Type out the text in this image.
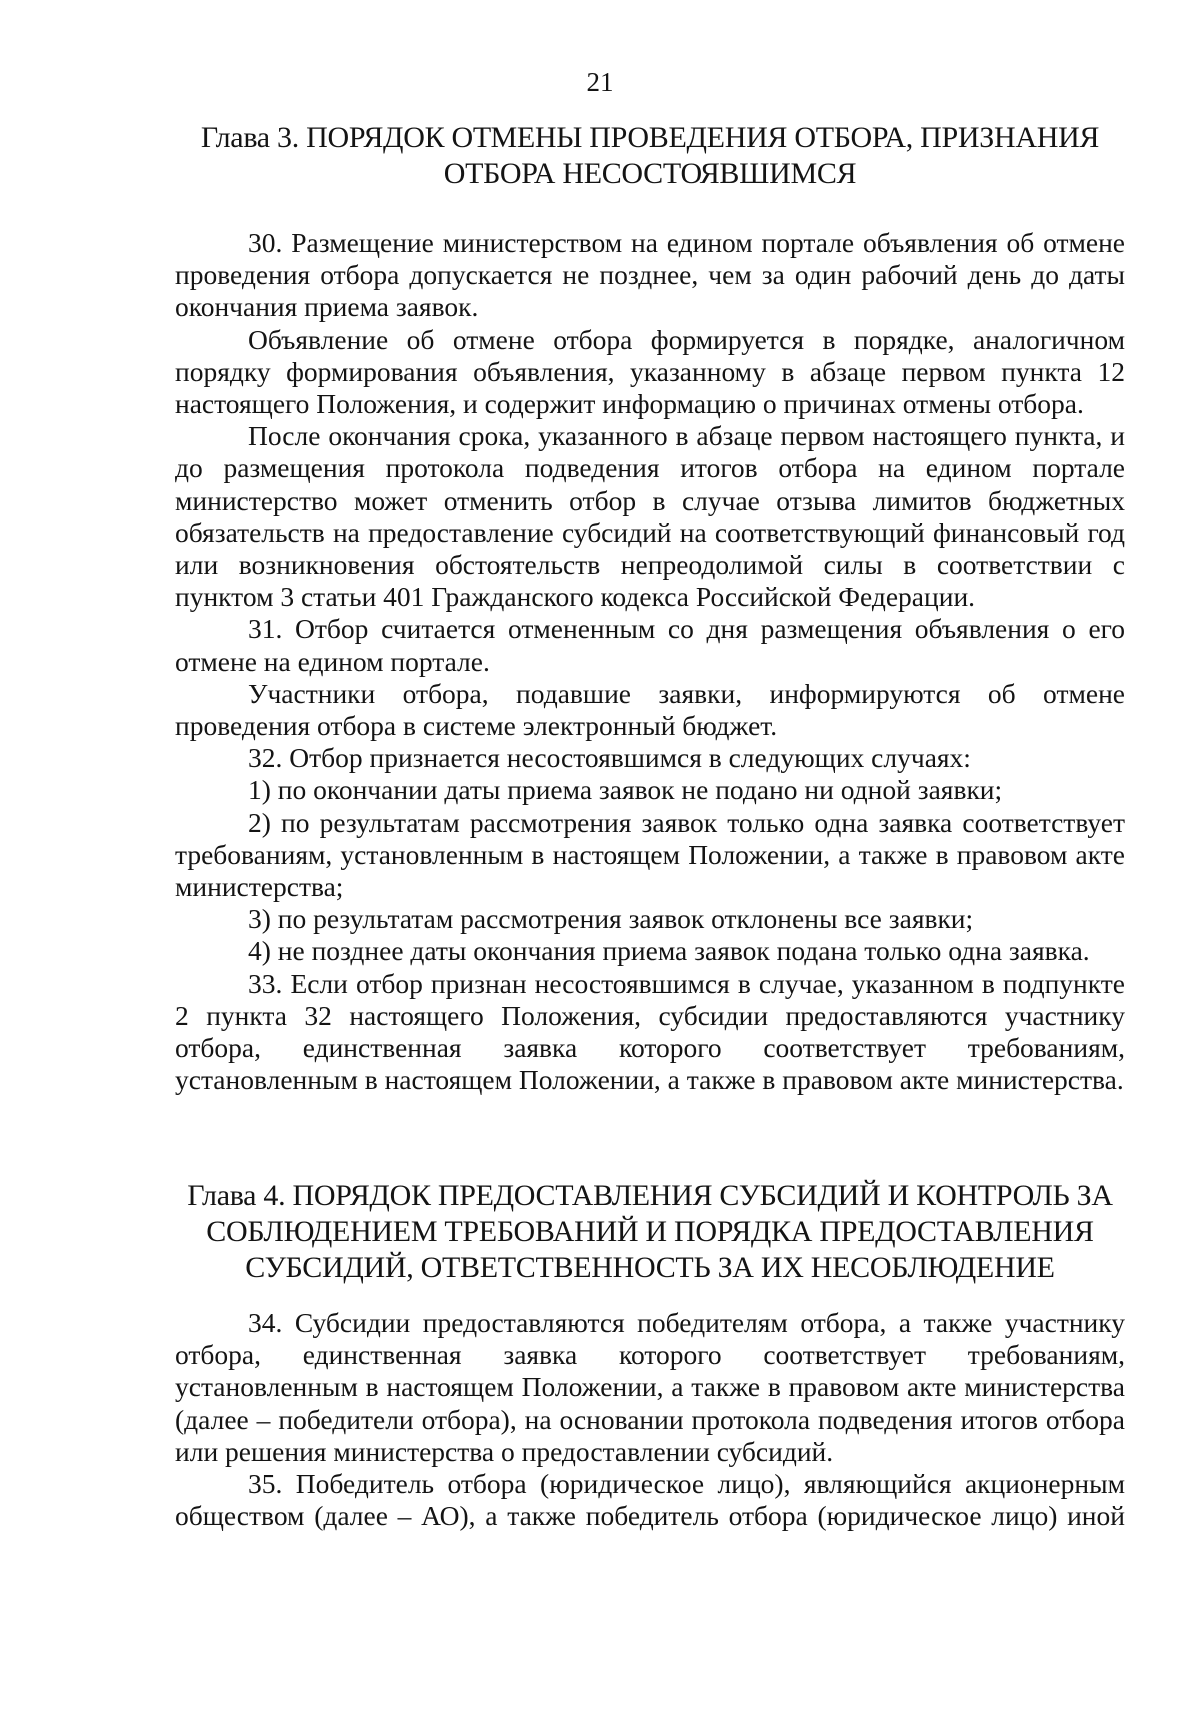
21
Глава 3. ПОРЯДОК ОТМЕНЫ ПРОВЕДЕНИЯ ОТБОРА, ПРИЗНАНИЯ
ОТБОРА НЕСОСТОЯВШИМСЯ

30. Размещение министерством на едином портале объявления об отмене проведения отбора допускается не позднее, чем за один рабочий день до даты окончания приема заявок.

Объявление об отмене отбора формируется в порядке, аналогичном порядку формирования объявления, указанному в абзаце первом пункта 12 настоящего Положения, и содержит информацию о причинах отмены отбора.

После окончания срока, указанного в абзаце первом настоящего пункта, и до размещения протокола подведения итогов отбора на едином портале министерство может отменить отбор в случае отзыва лимитов бюджетных обязательств на предоставление субсидий на соответствующий финансовый год или возникновения обстоятельств непреодолимой силы в соответствии с пунктом 3 статьи 401 Гражданского кодекса Российской Федерации.

31. Отбор считается отмененным со дня размещения объявления о его отмене на едином портале.

Участники отбора, подавшие заявки, информируются об отмене проведения отбора в системе электронный бюджет.

32. Отбор признается несостоявшимся в следующих случаях:

1) по окончании даты приема заявок не подано ни одной заявки;

2) по результатам рассмотрения заявок только одна заявка соответствует требованиям, установленным в настоящем Положении, а также в правовом акте министерства;

3) по результатам рассмотрения заявок отклонены все заявки;

4) не позднее даты окончания приема заявок подана только одна заявка.

33. Если отбор признан несостоявшимся в случае, указанном в подпункте 2 пункта 32 настоящего Положения, субсидии предоставляются участнику отбора, единственная заявка которого соответствует требованиям, установленным в настоящем Положении, а также в правовом акте министерства.

Глава 4. ПОРЯДОК ПРЕДОСТАВЛЕНИЯ СУБСИДИЙ И КОНТРОЛЬ ЗА
СОБЛЮДЕНИЕМ ТРЕБОВАНИЙ И ПОРЯДКА ПРЕДОСТАВЛЕНИЯ
СУБСИДИЙ, ОТВЕТСТВЕННОСТЬ ЗА ИХ НЕСОБЛЮДЕНИЕ

34. Субсидии предоставляются победителям отбора, а также участнику отбора, единственная заявка которого соответствует требованиям, установленным в настоящем Положении, а также в правовом акте министерства (далее – победители отбора), на основании протокола подведения итогов отбора или решения министерства о предоставлении субсидий.

35. Победитель отбора (юридическое лицо), являющийся акционерным обществом (далее – АО), а также победитель отбора (юридическое лицо) иной
